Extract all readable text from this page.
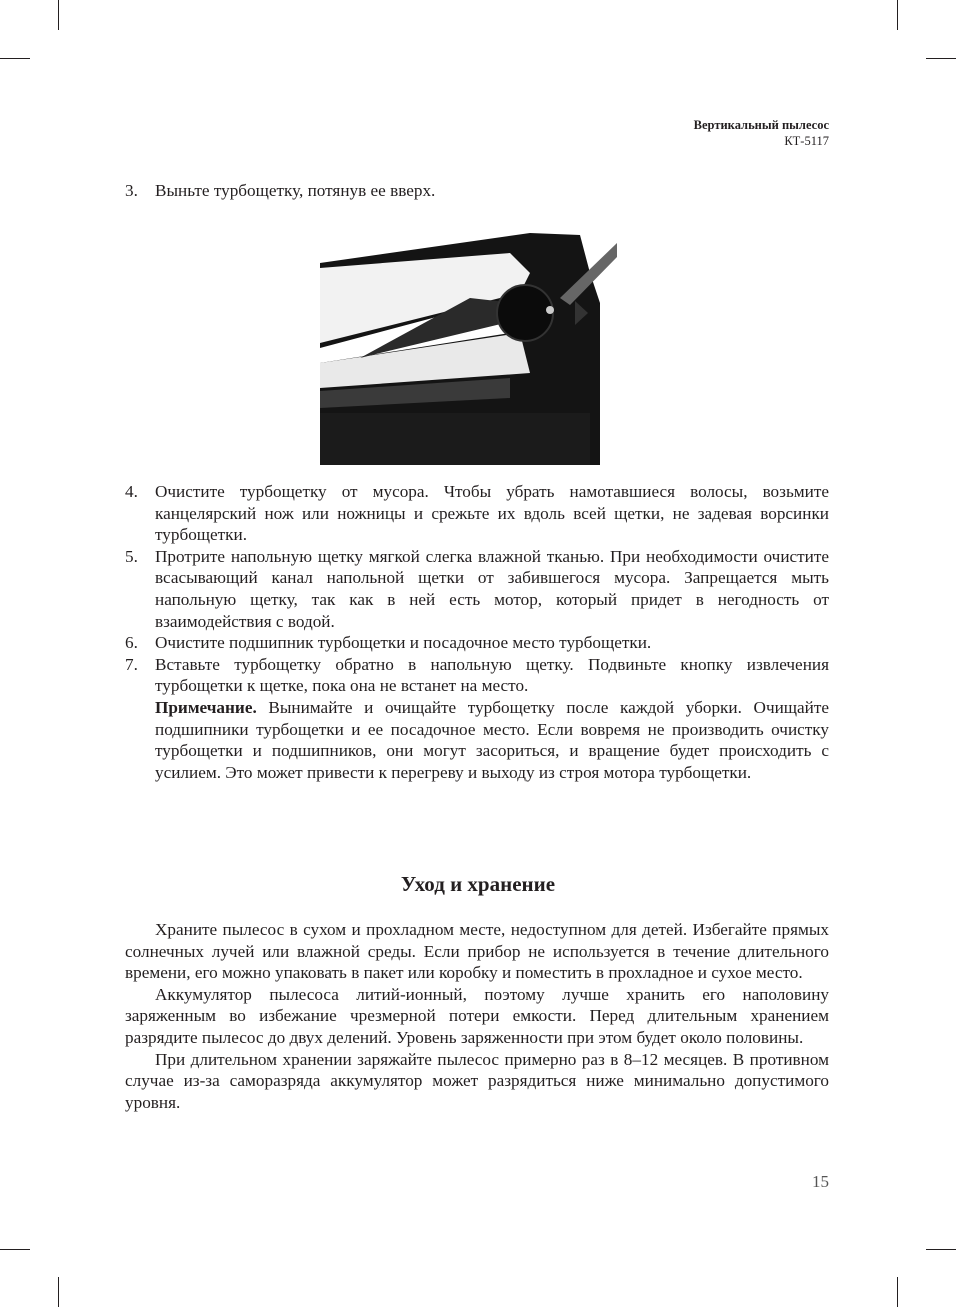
Вертикальный пылесос
КТ-5117
3. Выньте турбощетку, потянув ее вверх.
4. Очистите турбощетку от мусора. Чтобы убрать намотавшиеся волосы, возьмите канцелярский нож или ножницы и срежьте их вдоль всей щетки, не задевая ворсинки турбощетки.
5. Протрите напольную щетку мягкой слегка влажной тканью. При необходимости очистите всасывающий канал напольной щетки от забившегося мусора. Запрещается мыть напольную щетку, так как в ней есть мотор, который придет в негодность от взаимодействия с водой.
6. Очистите подшипник турбощетки и посадочное место турбощетки.
7. Вставьте турбощетку обратно в напольную щетку. Подвиньте кнопку извлечения турбощетки к щетке, пока она не встанет на место.
Примечание. Вынимайте и очищайте турбощетку после каждой уборки. Очищайте подшипники турбощетки и ее посадочное место. Если вовремя не производить очистку турбощетки и подшипников, они могут засориться, и вращение будет происходить с усилием. Это может привести к перегреву и выходу из строя мотора турбощетки.
Уход и хранение

Храните пылесос в сухом и прохладном месте, недоступном для детей. Избегайте прямых солнечных лучей или влажной среды. Если прибор не используется в течение длительного времени, его можно упаковать в пакет или коробку и поместить в прохладное и сухое место.

Аккумулятор пылесоса литий-ионный, поэтому лучше хранить его наполовину заряженным во избежание чрезмерной потери емкости. Перед длительным хранением разрядите пылесос до двух делений. Уровень заряженности при этом будет около половины.

При длительном хранении заряжайте пылесос примерно раз в 8–12 месяцев. В противном случае из-за саморазряда аккумулятор может разрядиться ниже минимально допустимого уровня.

15
